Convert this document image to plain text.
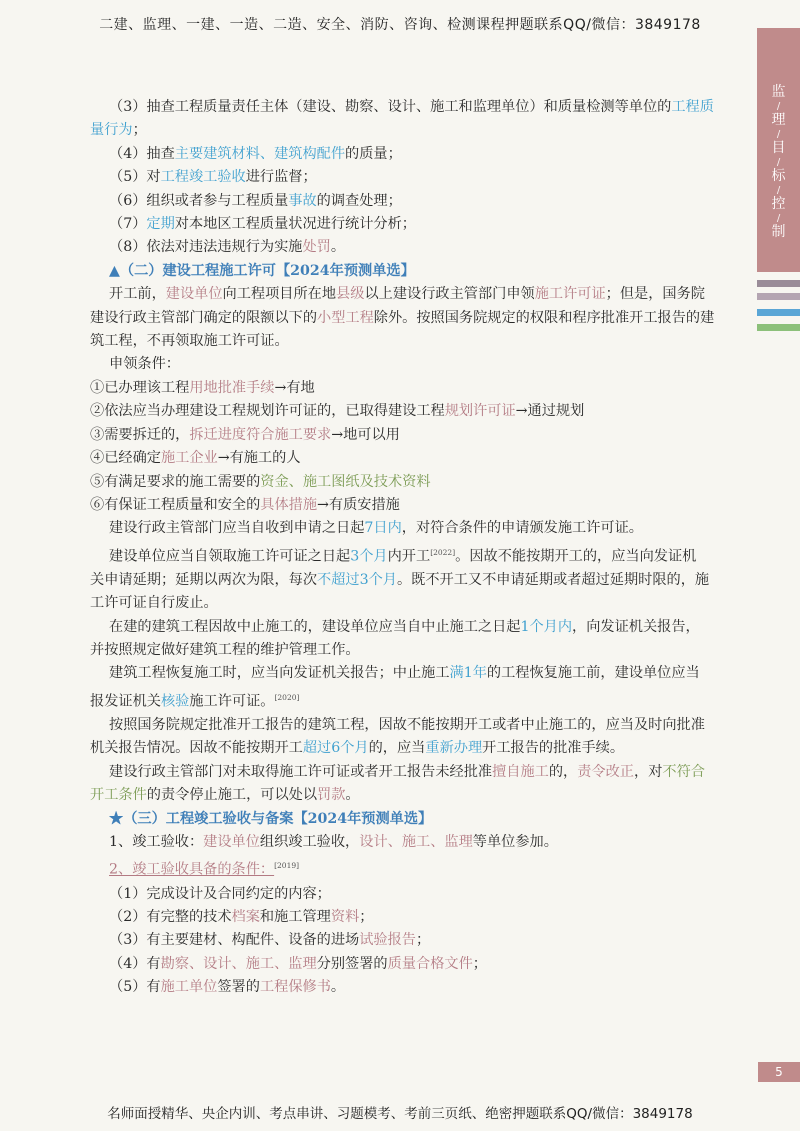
二建、监理、一建、一造、二造、安全、消防、咨询、检测课程押题联系QQ/微信：3849178
监
/
理
/
目
/
标
/
控
/
制

（3）抽查工程质量责任主体（建设、勘察、设计、施工和监理单位）和质量检测等单位的工程质

量行为；

（4）抽查主要建筑材料、建筑构配件的质量；

（5）对工程竣工验收进行监督；

（6）组织或者参与工程质量事故的调查处理；

（7）定期对本地区工程质量状况进行统计分析；

（8）依法对违法违规行为实施处罚。

▲（二）建设工程施工许可【2024年预测单选】

开工前，建设单位向工程项目所在地县级以上建设行政主管部门申领施工许可证；但是，国务院

建设行政主管部门确定的限额以下的小型工程除外。按照国务院规定的权限和程序批准开工报告的建

筑工程，不再领取施工许可证。

申领条件：

①已办理该工程用地批准手续→有地

②依法应当办理建设工程规划许可证的，已取得建设工程规划许可证→通过规划

③需要拆迁的，拆迁进度符合施工要求→地可以用

④已经确定施工企业→有施工的人

⑤有满足要求的施工需要的资金、施工图纸及技术资料

⑥有保证工程质量和安全的具体措施→有质安措施

建设行政主管部门应当自收到申请之日起7日内，对符合条件的申请颁发施工许可证。

建设单位应当自领取施工许可证之日起3个月内开工[2022]。因故不能按期开工的，应当向发证机

关申请延期；延期以两次为限，每次不超过3个月。既不开工又不申请延期或者超过延期时限的，施

工许可证自行废止。

在建的建筑工程因故中止施工的，建设单位应当自中止施工之日起1个月内，向发证机关报告，

并按照规定做好建筑工程的维护管理工作。

建筑工程恢复施工时，应当向发证机关报告；中止施工满1年的工程恢复施工前，建设单位应当

报发证机关核验施工许可证。[2020]

按照国务院规定批准开工报告的建筑工程，因故不能按期开工或者中止施工的，应当及时向批准

机关报告情况。因故不能按期开工超过6个月的，应当重新办理开工报告的批准手续。

建设行政主管部门对未取得施工许可证或者开工报告未经批准擅自施工的，责令改正，对不符合

开工条件的责令停止施工，可以处以罚款。

★（三）工程竣工验收与备案【2024年预测单选】

1、竣工验收：建设单位组织竣工验收，设计、施工、监理等单位参加。

2、竣工验收具备的条件：[2019]

（1）完成设计及合同约定的内容；

（2）有完整的技术档案和施工管理资料；

（3）有主要建材、构配件、设备的进场试验报告；

（4）有勘察、设计、施工、监理分别签署的质量合格文件；

（5）有施工单位签署的工程保修书。

5
名师面授精华、央企内训、考点串讲、习题模考、考前三页纸、绝密押题联系QQ/微信：3849178
